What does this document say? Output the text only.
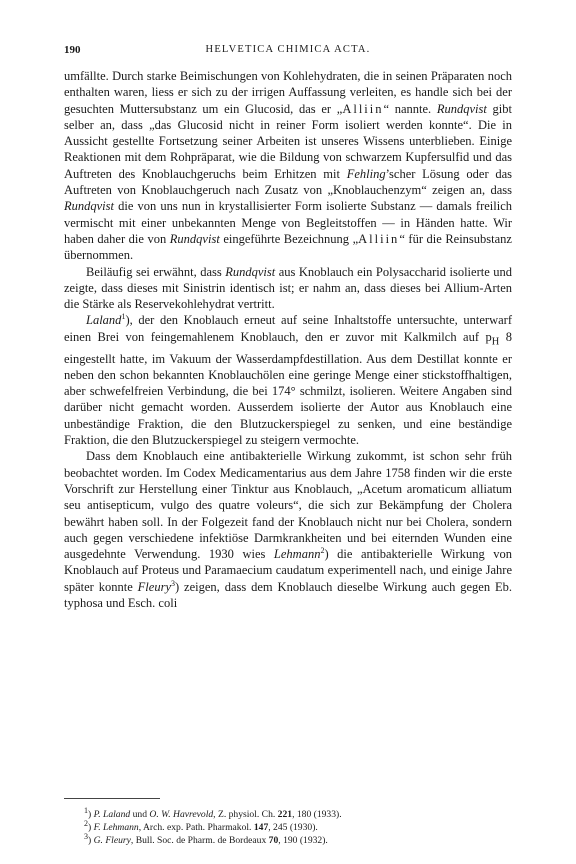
190	HELVETICA CHIMICA ACTA.

umfällte. Durch starke Beimischungen von Kohlehydraten, die in seinen Präparaten noch enthalten waren, liess er sich zu der irrigen Auffassung verleiten, es handle sich bei der gesuchten Muttersubstanz um ein Glucosid, das er „Alliin“ nannte. Rundqvist gibt selber an, dass „das Glucosid nicht in reiner Form isoliert werden konnte“. Die in Aussicht gestellte Fortsetzung seiner Arbeiten ist unseres Wissens unterblieben. Einige Reaktionen mit dem Rohpräparat, wie die Bildung von schwarzem Kupfersulfid und das Auftreten des Knoblauchgeruchs beim Erhitzen mit Fehling’scher Lösung oder das Auftreten von Knoblauchgeruch nach Zusatz von „Knoblauchenzym“ zeigen an, dass Rundqvist die von uns nun in krystallisierter Form isolierte Substanz — damals freilich vermischt mit einer unbekannten Menge von Begleitstoffen — in Händen hatte. Wir haben daher die von Rundqvist eingeführte Bezeichnung „Alliin“ für die Reinsubstanz übernommen.

Beiläufig sei erwähnt, dass Rundqvist aus Knoblauch ein Polysaccharid isolierte und zeigte, dass dieses mit Sinistrin identisch ist; er nahm an, dass dieses bei Allium-Arten die Stärke als Reservekohlehydrat vertritt.

Laland$^1$), der den Knoblauch erneut auf seine Inhaltstoffe untersuchte, unterwarf einen Brei von feingemahlenem Knoblauch, den er zuvor mit Kalkmilch auf $p_H$ 8 eingestellt hatte, im Vakuum der Wasserdampfdestillation. Aus dem Destillat konnte er neben den schon bekannten Knoblauchölen eine geringe Menge einer stickstoffhaltigen, aber schwefelfreien Verbindung, die bei 174° schmilzt, isolieren. Weitere Angaben sind darüber nicht gemacht worden. Ausserdem isolierte der Autor aus Knoblauch eine unbeständige Fraktion, die den Blutzuckerspiegel zu senken, und eine beständige Fraktion, die den Blutzuckerspiegel zu steigern vermochte.

Dass dem Knoblauch eine antibakterielle Wirkung zukommt, ist schon sehr früh beobachtet worden. Im Codex Medicamentarius aus dem Jahre 1758 finden wir die erste Vorschrift zur Herstellung einer Tinktur aus Knoblauch, „Acetum aromaticum alliatum seu antisepticum, vulgo des quatre voleurs“, die sich zur Bekämpfung der Cholera bewährt haben soll. In der Folgezeit fand der Knoblauch nicht nur bei Cholera, sondern auch gegen verschiedene infektiöse Darmkrankheiten und bei eiternden Wunden eine ausgedehnte Verwendung. 1930 wies Lehmann$^2$) die antibakterielle Wirkung von Knoblauch auf Proteus und Paramaecium caudatum experimentell nach, und einige Jahre später konnte Fleury$^3$) zeigen, dass dem Knoblauch dieselbe Wirkung auch gegen Eb. typhosa und Esch. coli

$^1$) P. Laland und O. W. Havrevold, Z. physiol. Ch. 221, 180 (1933).
$^2$) F. Lehmann, Arch. exp. Path. Pharmakol. 147, 245 (1930).
$^3$) G. Fleury, Bull. Soc. de Pharm. de Bordeaux 70, 190 (1932).
